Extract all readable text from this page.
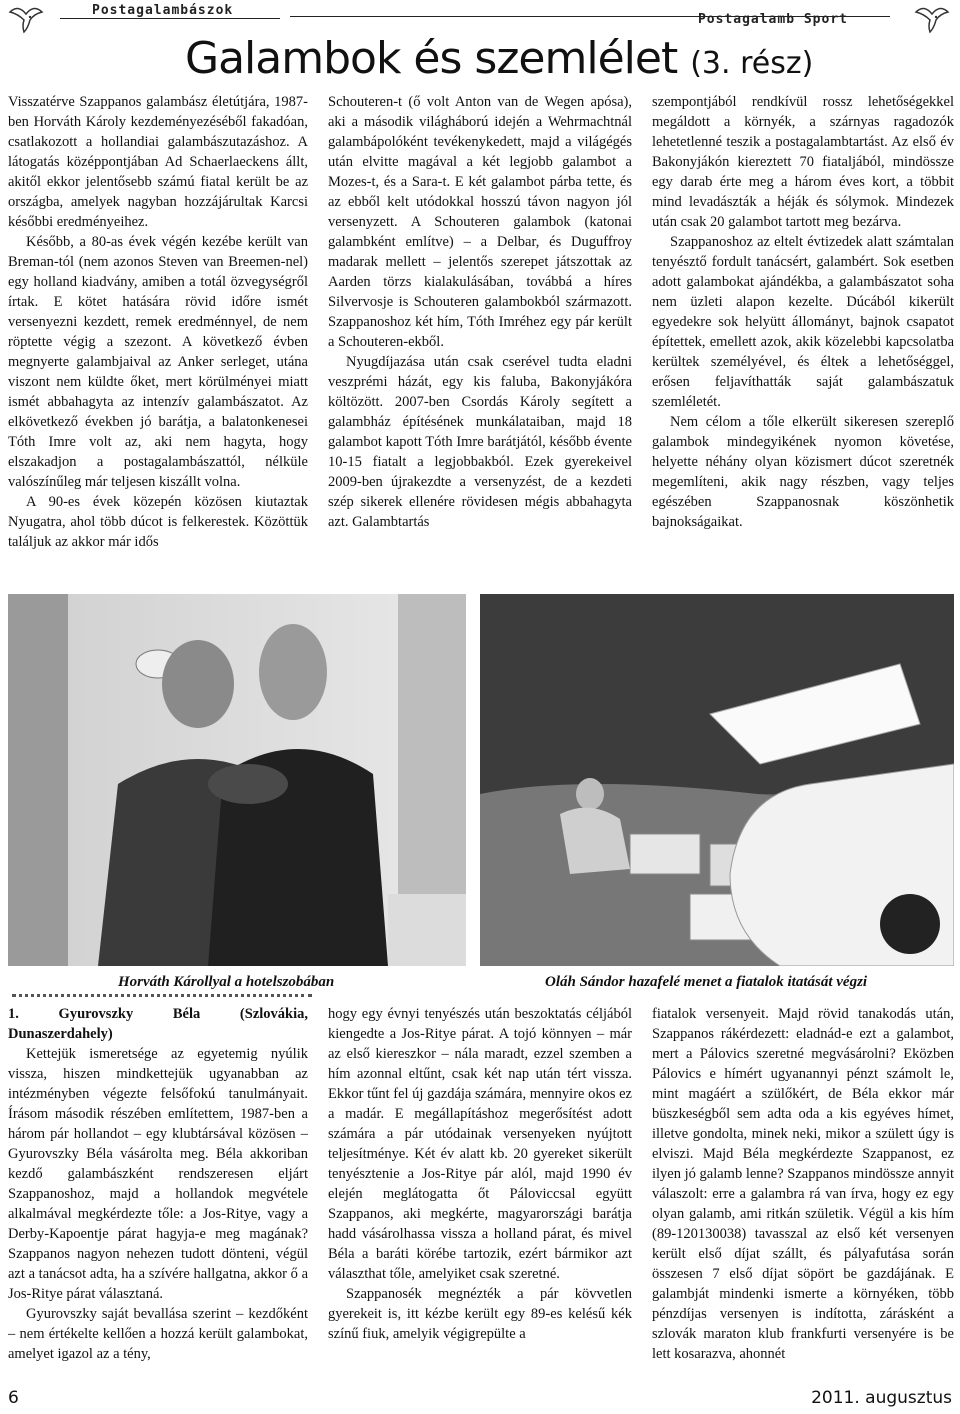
Postagalambászok
Postagalamb Sport
Galambok és szemlélet (3. rész)

Visszatérve Szappanos galambász életútjára, 1987-ben Horváth Károly kezdeményezéséből fakadóan, csatlakozott a hollandiai galambászutazáshoz. A látogatás középpontjában Ad Schaerlaeckens állt, akitől ekkor jelentősebb számú fiatal került be az országba, amelyek nagyban hozzájárultak Karcsi későbbi eredményeihez.

Később, a 80-as évek végén kezébe került van Breman-tól (nem azonos Steven van Breemen-nel) egy holland kiadvány, amiben a totál özvegységről írtak. E kötet hatására rövid időre ismét versenyezni kezdett, remek eredménnyel, de nem röptette végig a szezont. A következő évben megnyerte galambjaival az Anker serleget, utána viszont nem küldte őket, mert körülményei miatt ismét abbahagyta az intenzív galambászatot. Az elkövetkező években jó barátja, a balatonkenesei Tóth Imre volt az, aki nem hagyta, hogy elszakadjon a postagalambászattól, nélküle valószínűleg már teljesen kiszállt volna.

A 90-es évek közepén közösen kiutaztak Nyugatra, ahol több dúcot is felkerestek. Közöttük találjuk az akkor már idős

Schouteren-t (ő volt Anton van de Wegen apósa), aki a második világháború idején a Wehrmachtnál galambápolóként tevékenykedett, majd a világégés után elvitte magával a két legjobb galambot a Mozes-t, és a Sara-t. E két galambot párba tette, és az ebből kelt utódokkal hosszú távon nagyon jól versenyzett. A Schouteren galambok (katonai galambként említve) – a Delbar, és Duguffroy madarak mellett – jelentős szerepet játszottak az Aarden törzs kialakulásában, továbbá a híres Silvervosje is Schouteren galambokból származott. Szappanoshoz két hím, Tóth Imréhez egy pár került a Schouteren-ekből.

Nyugdíjazása után csak cserével tudta eladni veszprémi házát, egy kis faluba, Bakonyjákóra költözött. 2007-ben Csordás Károly segített a galambház építésének munkálataiban, majd 18 galambot kapott Tóth Imre barátjától, később évente 10-15 fiatalt a legjobbakból. Ezek gyerekeivel 2009-ben újrakezdte a versenyzést, de a kezdeti szép sikerek ellenére rövidesen mégis abbahagyta azt. Galambtartás

szempontjából rendkívül rossz lehetőségekkel megáldott a környék, a szárnyas ragadozók lehetetlenné teszik a postagalambtartást. Az első év Bakonyjákón kiereztett 70 fiataljából, mindössze egy darab érte meg a három éves kort, a többit mind levadászták a héják és sólymok. Mindezek után csak 20 galambot tartott meg bezárva.

Szappanoshoz az eltelt évtizedek alatt számtalan tenyésztő fordult tanácsért, galambért. Sok esetben adott galambokat ajándékba, a galambászatot soha nem üzleti alapon kezelte. Dúcából kikerült egyedekre sok helyütt állományt, bajnok csapatot építettek, emellett azok, akik közelebbi kapcsolatba kerültek személyével, és éltek a lehetőséggel, erősen feljavíthatták saját galambászatuk szemléletét.

Nem célom a tőle elkerült sikeresen szereplő galambok mindegyikének nyomon követése, helyette néhány olyan közismert dúcot szeretnék megemlíteni, akik nagy részben, vagy teljes egészében Szappanosnak köszönhetik bajnokságaikat.

Horváth Károllyal a hotelszobában	Oláh Sándor hazafelé menet a fiatalok itatását végzi

1. Gyurovszky Béla (Szlovákia, Dunaszerdahely)

Kettejük ismeretsége az egyetemig nyúlik vissza, hiszen mindkettejük ugyanabban az intézményben végezte felsőfokú tanulmányait. Írásom második részében említettem, 1987-ben a három pár hollandot – egy klubtársával közösen – Gyurovszky Béla vásárolta meg. Béla akkoriban kezdő galambászként rendszeresen eljárt Szappanoshoz, majd a hollandok megvétele alkalmával megkérdezte tőle: a Jos-Ritye, vagy a Derby-Kapoentje párat hagyja-e meg magának? Szappanos nagyon nehezen tudott dönteni, végül azt a tanácsot adta, ha a szívére hallgatna, akkor ő a Jos-Ritye párat választaná.

Gyurovszky saját bevallása szerint – kezdőként – nem értékelte kellően a hozzá került galambokat, amelyet igazol az a tény,

hogy egy évnyi tenyészés után beszoktatás céljából kiengedte a Jos-Ritye párat. A tojó könnyen – már az első kiereszkor – nála maradt, ezzel szemben a hím azonnal eltűnt, csak két nap után tért vissza. Ekkor tűnt fel új gazdája számára, mennyire okos ez a madár. E megállapításhoz megerősítést adott számára a pár utódainak versenyeken nyújtott teljesítménye. Két év alatt kb. 20 gyereket sikerült tenyésztenie a Jos-Ritye pár alól, majd 1990 év elején meglátogatta őt Páloviccsal együtt Szappanos, aki megkérte, magyarországi barátja hadd vásárolhassa vissza a holland párat, és mivel Béla a baráti körébe tartozik, ezért bármikor azt választhat tőle, amelyiket csak szeretné.

Szappanosék megnézték a pár kövvetlen gyerekeit is, itt kézbe került egy 89-es kelésű kék színű fiuk, amelyik végigrepülte a

fiatalok versenyeit. Majd rövid tanakodás után, Szappanos rákérdezett: eladnád-e ezt a galambot, mert a Pálovics szeretné megvásárolni? Eközben Pálovics e hímért ugyanannyi pénzt számolt le, mint magáért a szülőkért, de Béla ekkor már büszkeségből sem adta oda a kis egyéves hímet, illetve gondolta, minek neki, mikor a születt úgy is elviszi. Majd Béla megkérdezte Szappanost, ez ilyen jó galamb lenne? Szappanos mindössze annyit válaszolt: erre a galambra rá van írva, hogy ez egy olyan galamb, ami ritkán születik. Végül a kis hím (89-120130038) tavasszal az első két versenyen került első díjat szállt, és pályafutása során összesen 7 első díjat söpört be gazdájának. E galambját mindenki ismerte a környéken, több pénzdíjas versenyen is indította, zárásként a szlovák maraton klub frankfurti versenyére is be lett kosarazva, ahonnét

6	2011. augusztus
